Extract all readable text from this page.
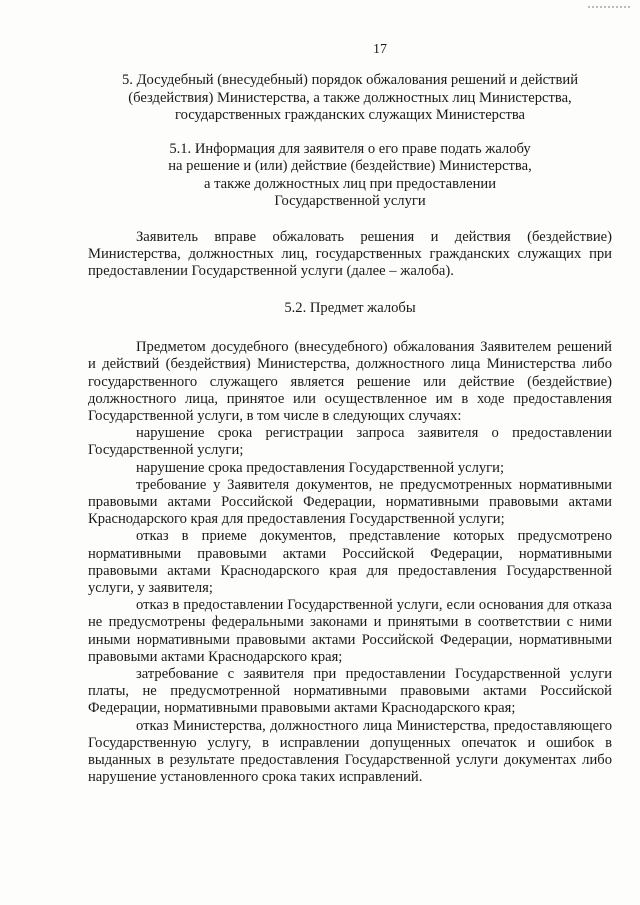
17
5. Досудебный (внесудебный) порядок обжалования решений и действий
(бездействия) Министерства, а также должностных лиц Министерства,
государственных гражданских служащих Министерства
5.1. Информация для заявителя о его праве подать жалобу
на решение и (или) действие (бездействие) Министерства,
а также должностных лиц при предоставлении
Государственной услуги

Заявитель вправе обжаловать решения и действия (бездействие) Министерства, должностных лиц, государственных гражданских служащих при предоставлении Государственной услуги (далее – жалоба).

5.2. Предмет жалобы

Предметом досудебного (внесудебного) обжалования Заявителем решений и действий (бездействия) Министерства, должностного лица Министерства либо государственного служащего является решение или действие (бездействие) должностного лица, принятое или осуществленное им в ходе предоставления Государственной услуги, в том числе в следующих случаях:

нарушение срока регистрации запроса заявителя о предоставлении Государственной услуги;

нарушение срока предоставления Государственной услуги;

требование у Заявителя документов, не предусмотренных нормативными правовыми актами Российской Федерации, нормативными правовыми актами Краснодарского края для предоставления Государственной услуги;

отказ в приеме документов, представление которых предусмотрено нормативными правовыми актами Российской Федерации, нормативными правовыми актами Краснодарского края для предоставления Государственной услуги, у заявителя;

отказ в предоставлении Государственной услуги, если основания для отказа не предусмотрены федеральными законами и принятыми в соответствии с ними иными нормативными правовыми актами Российской Федерации, нормативными правовыми актами Краснодарского края;

затребование с заявителя при предоставлении Государственной услуги платы, не предусмотренной нормативными правовыми актами Российской Федерации, нормативными правовыми актами Краснодарского края;

отказ Министерства, должностного лица Министерства, предоставляющего Государственную услугу, в исправлении допущенных опечаток и ошибок в выданных в результате предоставления Государственной услуги документах либо нарушение установленного срока таких исправлений.
